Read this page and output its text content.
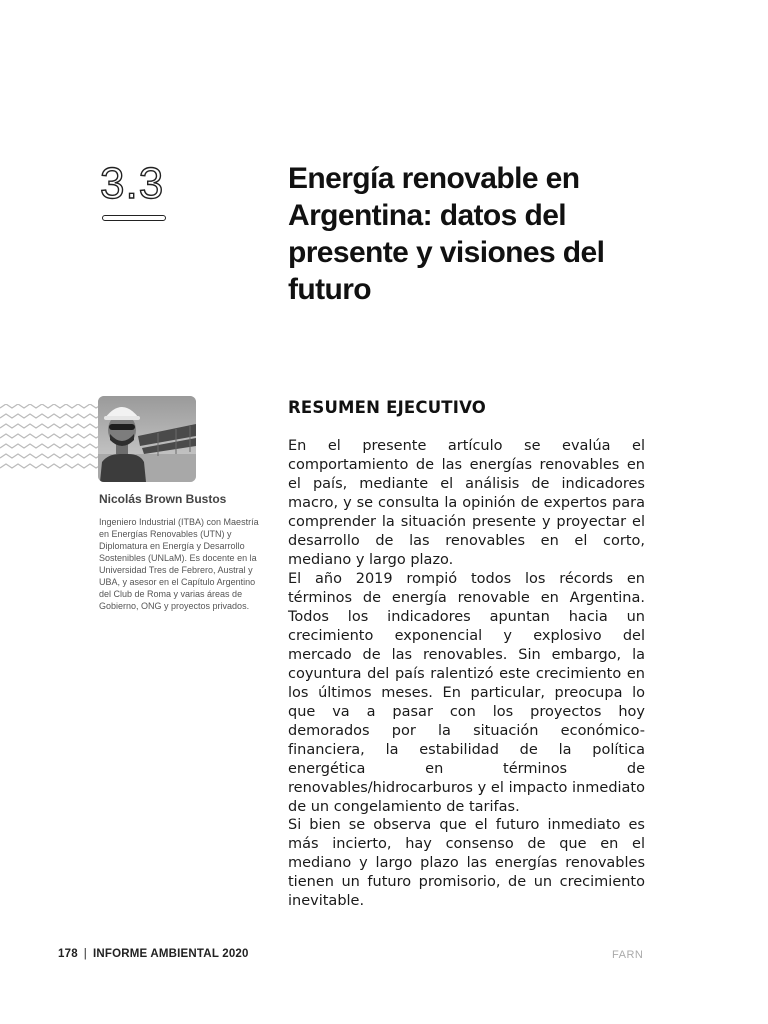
3.3	Energía renovable en Argentina: datos del presente y visiones del futuro

Nicolás Brown Bustos

Ingeniero Industrial (ITBA) con Maestría en Energías Renovables (UTN) y Diplomatura en Energía y Desarrollo Sostenibles (UNLaM). Es docente en la Universidad Tres de Febrero, Austral y UBA, y asesor en el Capítulo Argentino del Club de Roma y varias áreas de Gobierno, ONG y proyectos privados.

RESUMEN EJECUTIVO

En el presente artículo se evalúa el comportamiento de las energías renovables en el país, mediante el análisis de indicadores macro, y se consulta la opinión de expertos para comprender la situación presente y proyectar el desarrollo de las renovables en el corto, mediano y largo plazo.

El año 2019 rompió todos los récords en términos de energía renovable en Argentina. Todos los indicadores apuntan hacia un crecimiento exponencial y explosivo del mercado de las renovables. Sin embargo, la coyuntura del país ralentizó este crecimiento en los últimos meses. En particular, preocupa lo que va a pasar con los proyectos hoy demorados por la situación económico-financiera, la estabilidad de la política energética en términos de renovables/hidrocarburos y el impacto inmediato de un congelamiento de tarifas.

Si bien se observa que el futuro inmediato es más incierto, hay consenso de que en el mediano y largo plazo las energías renovables tienen un futuro promisorio, de un crecimiento inevitable.

178 | INFORME AMBIENTAL 2020	FARN
